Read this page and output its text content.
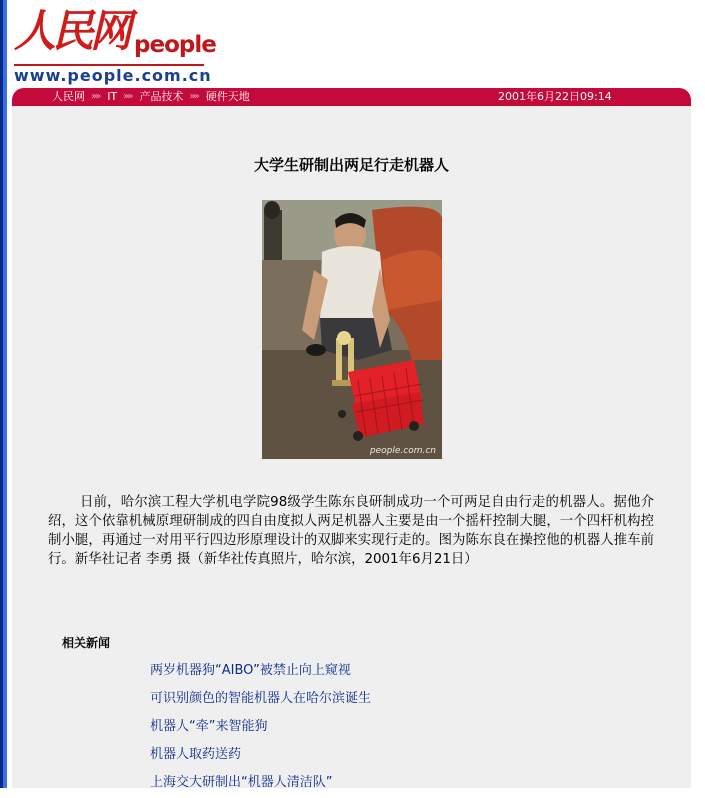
人民网 people
www.people.com.cn
人民网 »» IT »» 产品技术 »» 硬件天地	2001年6月22日09:14
大学生研制出两足行走机器人
people.com.cn

日前，哈尔滨工程大学机电学院98级学生陈东良研制成功一个可两足自由行走的机器人。据他介绍，这个依靠机械原理研制成的四自由度拟人两足机器人主要是由一个摇杆控制大腿，一个四杆机构控制小腿，再通过一对用平行四边形原理设计的双脚来实现行走的。图为陈东良在操控他的机器人推车前行。新华社记者 李勇 摄（新华社传真照片，哈尔滨，2001年6月21日）

相关新闻
两岁机器狗“AIBO”被禁止向上窥视
可识别颜色的智能机器人在哈尔滨诞生
机器人“牵”来智能狗
机器人取药送药
上海交大研制出“机器人清洁队”
